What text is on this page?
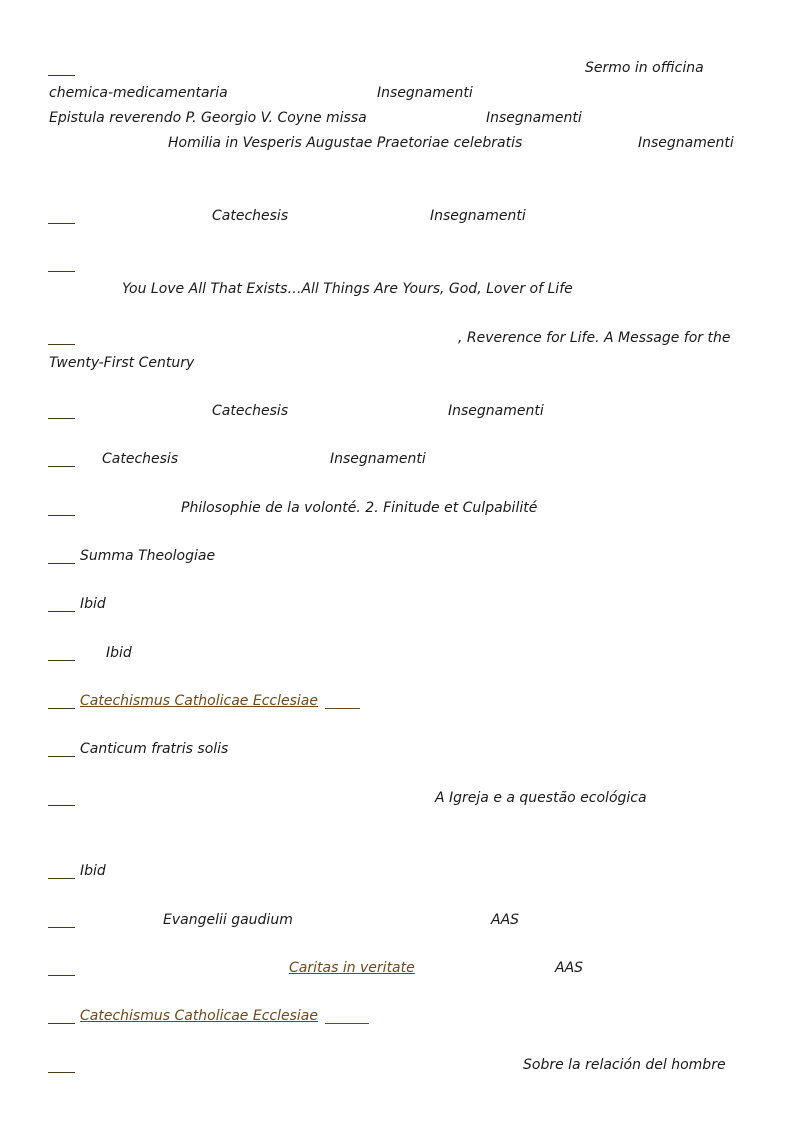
Sermo in officina
chemica-medicamentaria	Insegnamenti
Epistula reverendo P. Georgio V. Coyne missa	Insegnamenti
Homilia in Vesperis Augustae Praetoriae celebratis	Insegnamenti
Catechesis	Insegnamenti
You Love All That Exists…All Things Are Yours, God, Lover of Life
, Reverence for Life. A Message for the
Twenty-First Century
Catechesis	Insegnamenti
Catechesis	Insegnamenti
Philosophie de la volonté. 2. Finitude et Culpabilité
Summa Theologiae
Ibid
Ibid
Catechismus Catholicae Ecclesiae
Canticum fratris solis
A Igreja e a questão ecológica
Ibid
Evangelii gaudium	AAS
Caritas in veritate	AAS
Catechismus Catholicae Ecclesiae
Sobre la relación del hombre
